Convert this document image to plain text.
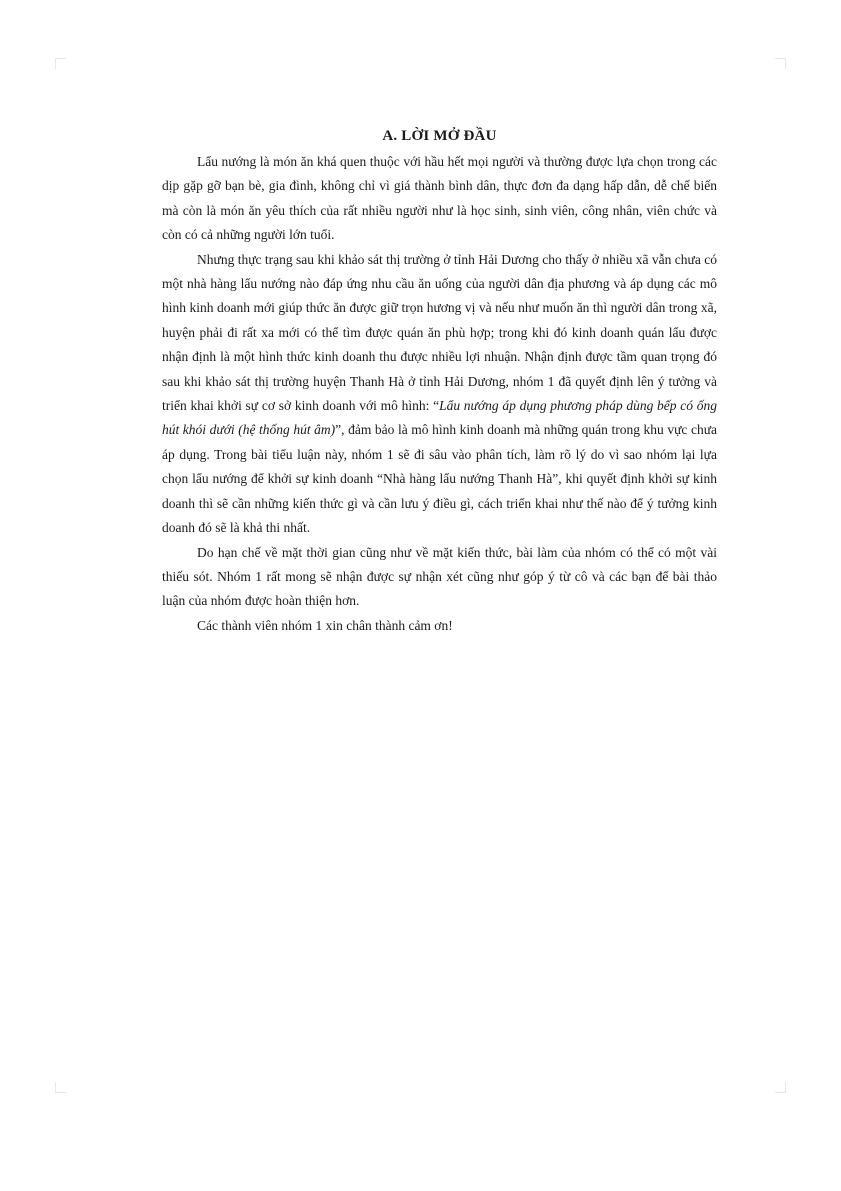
A. LỜI MỞ ĐẦU

Lẩu nướng là món ăn khá quen thuộc với hầu hết mọi người và thường được lựa chọn trong các dịp gặp gỡ bạn bè, gia đình, không chỉ vì giá thành bình dân, thực đơn đa dạng hấp dẫn, dễ chế biến mà còn là món ăn yêu thích của rất nhiều người như là học sinh, sinh viên, công nhân, viên chức và còn có cả những người lớn tuổi.

Nhưng thực trạng sau khi khảo sát thị trường ở tỉnh Hải Dương cho thấy ở nhiều xã vẫn chưa có một nhà hàng lẩu nướng nào đáp ứng nhu cầu ăn uống của người dân địa phương và áp dụng các mô hình kinh doanh mới giúp thức ăn được giữ trọn hương vị và nếu như muốn ăn thì người dân trong xã, huyện phải đi rất xa mới có thể tìm được quán ăn phù hợp; trong khi đó kinh doanh quán lẩu được nhận định là một hình thức kinh doanh thu được nhiều lợi nhuận. Nhận định được tầm quan trọng đó sau khi khảo sát thị trường huyện Thanh Hà ở tỉnh Hải Dương, nhóm 1 đã quyết định lên ý tưởng và triển khai khởi sự cơ sở kinh doanh với mô hình: “Lẩu nướng áp dụng phương pháp dùng bếp có ống hút khói dưới (hệ thống hút âm)”, đảm bảo là mô hình kinh doanh mà những quán trong khu vực chưa áp dụng. Trong bài tiểu luận này, nhóm 1 sẽ đi sâu vào phân tích, làm rõ lý do vì sao nhóm lại lựa chọn lẩu nướng để khởi sự kinh doanh “Nhà hàng lẩu nướng Thanh Hà”, khi quyết định khởi sự kinh doanh thì sẽ cần những kiến thức gì và cần lưu ý điều gì, cách triển khai như thế nào để ý tưởng kinh doanh đó sẽ là khả thi nhất.

Do hạn chế về mặt thời gian cũng như về mặt kiến thức, bài làm của nhóm có thể có một vài thiếu sót. Nhóm 1 rất mong sẽ nhận được sự nhận xét cũng như góp ý từ cô và các bạn để bài thảo luận của nhóm được hoàn thiện hơn.

Các thành viên nhóm 1 xin chân thành cảm ơn!
